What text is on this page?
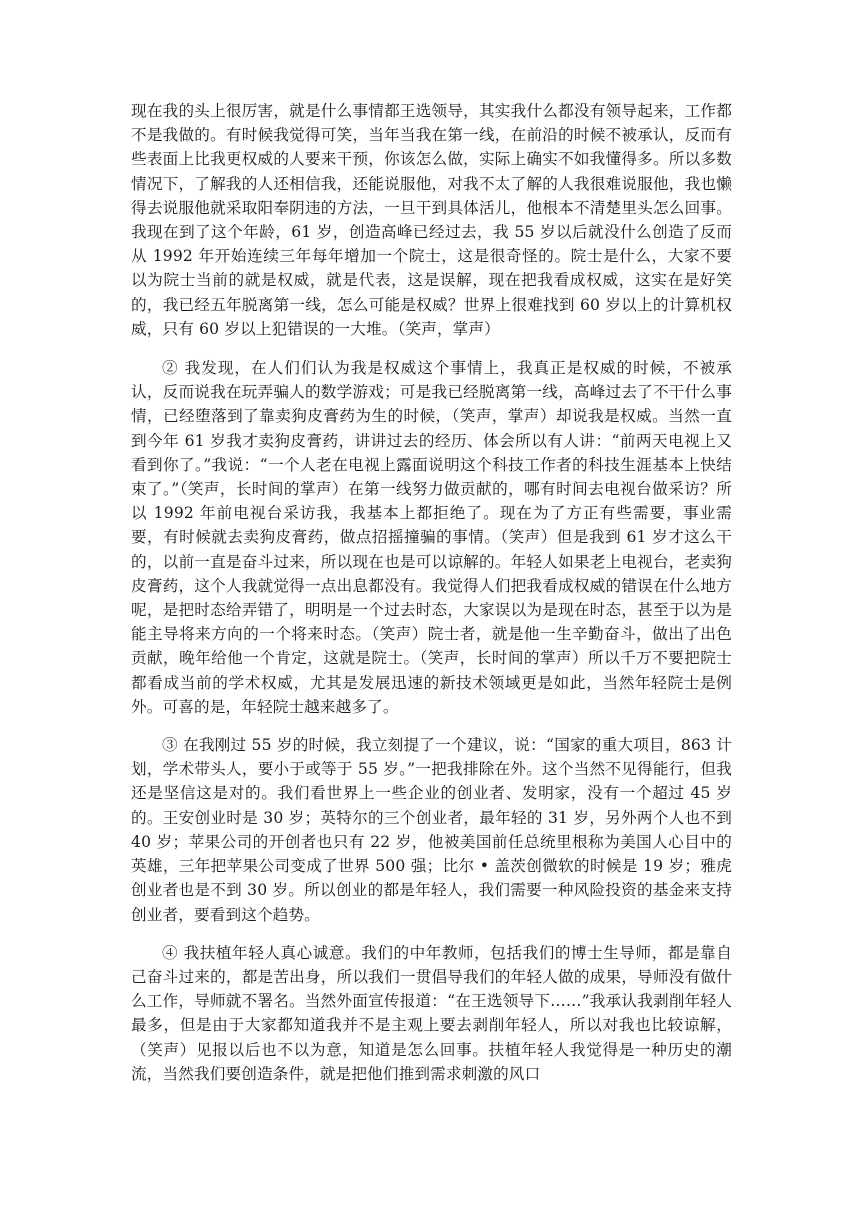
现在我的头上很厉害，就是什么事情都王选领导，其实我什么都没有领导起来，工作都不是我做的。有时候我觉得可笑，当年当我在第一线，在前沿的时候不被承认，反而有些表面上比我更权威的人要来干预，你该怎么做，实际上确实不如我懂得多。所以多数情况下，了解我的人还相信我，还能说服他，对我不太了解的人我很难说服他，我也懒得去说服他就采取阳奉阴违的方法，一旦干到具体活儿，他根本不清楚里头怎么回事。我现在到了这个年龄，61 岁，创造高峰已经过去，我 55 岁以后就没什么创造了反而从 1992 年开始连续三年每年增加一个院士，这是很奇怪的。院士是什么，大家不要以为院士当前的就是权威，就是代表，这是误解，现在把我看成权威，这实在是好笑的，我已经五年脱离第一线，怎么可能是权威？世界上很难找到 60 岁以上的计算机权威，只有 60 岁以上犯错误的一大堆。（笑声，掌声）

② 我发现，在人们们认为我是权威这个事情上，我真正是权威的时候，不被承认，反而说我在玩弄骗人的数学游戏；可是我已经脱离第一线，高峰过去了不干什么事情，已经堕落到了靠卖狗皮膏药为生的时候，（笑声，掌声）却说我是权威。当然一直到今年 61 岁我才卖狗皮膏药，讲讲过去的经历、体会所以有人讲：“前两天电视上又看到你了。”我说：“一个人老在电视上露面说明这个科技工作者的科技生涯基本上快结束了。”（笑声，长时间的掌声）在第一线努力做贡献的，哪有时间去电视台做采访？所以 1992 年前电视台采访我，我基本上都拒绝了。现在为了方正有些需要，事业需要，有时候就去卖狗皮膏药，做点招摇撞骗的事情。（笑声）但是我到 61 岁才这么干的，以前一直是奋斗过来，所以现在也是可以谅解的。年轻人如果老上电视台，老卖狗皮膏药，这个人我就觉得一点出息都没有。我觉得人们把我看成权威的错误在什么地方呢，是把时态给弄错了，明明是一个过去时态，大家误以为是现在时态，甚至于以为是能主导将来方向的一个将来时态。（笑声）院士者，就是他一生辛勤奋斗，做出了出色贡献，晚年给他一个肯定，这就是院士。（笑声，长时间的掌声）所以千万不要把院士都看成当前的学术权威，尤其是发展迅速的新技术领域更是如此，当然年轻院士是例外。可喜的是，年轻院士越来越多了。

③ 在我刚过 55 岁的时候，我立刻提了一个建议，说：“国家的重大项目，863 计划，学术带头人，要小于或等于 55 岁。”一把我排除在外。这个当然不见得能行，但我还是坚信这是对的。我们看世界上一些企业的创业者、发明家，没有一个超过 45 岁的。王安创业时是 30 岁；英特尔的三个创业者，最年轻的 31 岁，另外两个人也不到 40 岁；苹果公司的开创者也只有 22 岁，他被美国前任总统里根称为美国人心目中的英雄，三年把苹果公司变成了世界 500 强；比尔 • 盖茨创微软的时候是 19 岁；雅虎创业者也是不到 30 岁。所以创业的都是年轻人，我们需要一种风险投资的基金来支持创业者，要看到这个趋势。

④ 我扶植年轻人真心诚意。我们的中年教师，包括我们的博士生导师，都是靠自己奋斗过来的，都是苦出身，所以我们一贯倡导我们的年轻人做的成果，导师没有做什么工作，导师就不署名。当然外面宣传报道：“在王选领导下……”我承认我剥削年轻人最多，但是由于大家都知道我并不是主观上要去剥削年轻人，所以对我也比较谅解，（笑声）见报以后也不以为意，知道是怎么回事。扶植年轻人我觉得是一种历史的潮流，当然我们要创造条件，就是把他们推到需求刺激的风口
